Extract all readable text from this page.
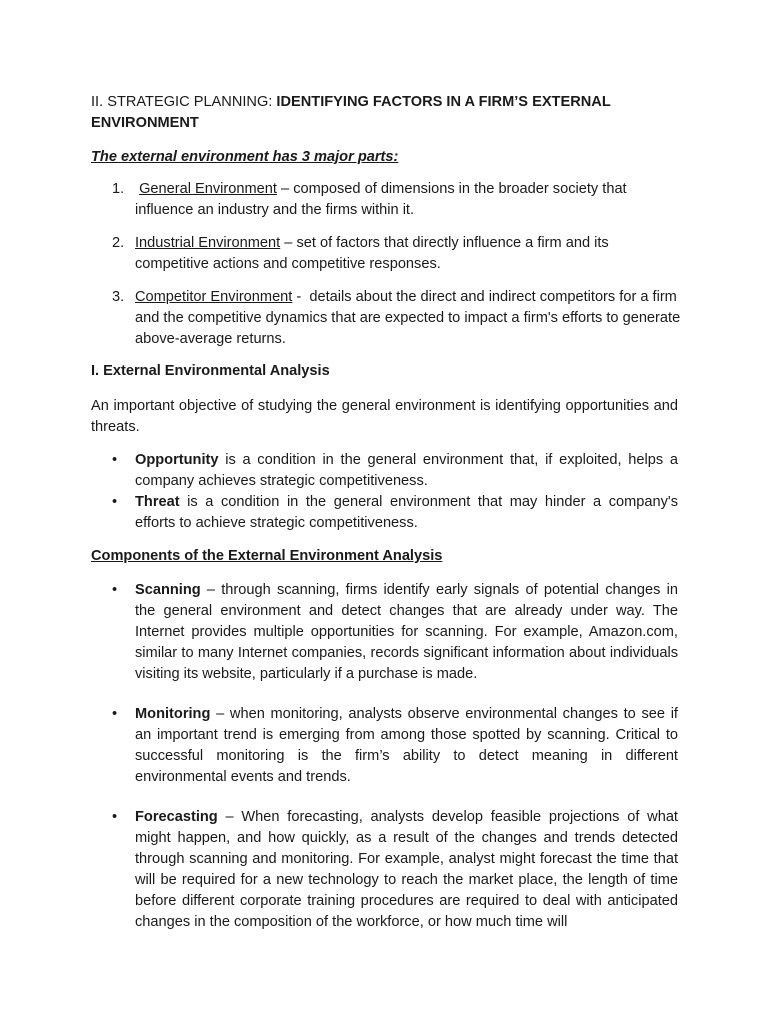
II. STRATEGIC PLANNING: IDENTIFYING FACTORS IN A FIRM’S EXTERNAL ENVIRONMENT
The external environment has 3 major parts:
1. General Environment – composed of dimensions in the broader society that influence an industry and the firms within it.
2. Industrial Environment – set of factors that directly influence a firm and its competitive actions and competitive responses.
3. Competitor Environment -  details about the direct and indirect competitors for a firm and the competitive dynamics that are expected to impact a firm's efforts to generate above-average returns.
I. External Environmental Analysis
An important objective of studying the general environment is identifying opportunities and threats.
• Opportunity is a condition in the general environment that, if exploited, helps a company achieves strategic competitiveness.
• Threat is a condition in the general environment that may hinder a company's efforts to achieve strategic competitiveness.
Components of the External Environment Analysis
• Scanning – through scanning, firms identify early signals of potential changes in the general environment and detect changes that are already under way. The Internet provides multiple opportunities for scanning. For example, Amazon.com, similar to many Internet companies, records significant information about individuals visiting its website, particularly if a purchase is made.
• Monitoring – when monitoring, analysts observe environmental changes to see if an important trend is emerging from among those spotted by scanning. Critical to successful monitoring is the firm’s ability to detect meaning in different environmental events and trends.
• Forecasting – When forecasting, analysts develop feasible projections of what might happen, and how quickly, as a result of the changes and trends detected through scanning and monitoring. For example, analyst might forecast the time that will be required for a new technology to reach the market place, the length of time before different corporate training procedures are required to deal with anticipated changes in the composition of the workforce, or how much time will
